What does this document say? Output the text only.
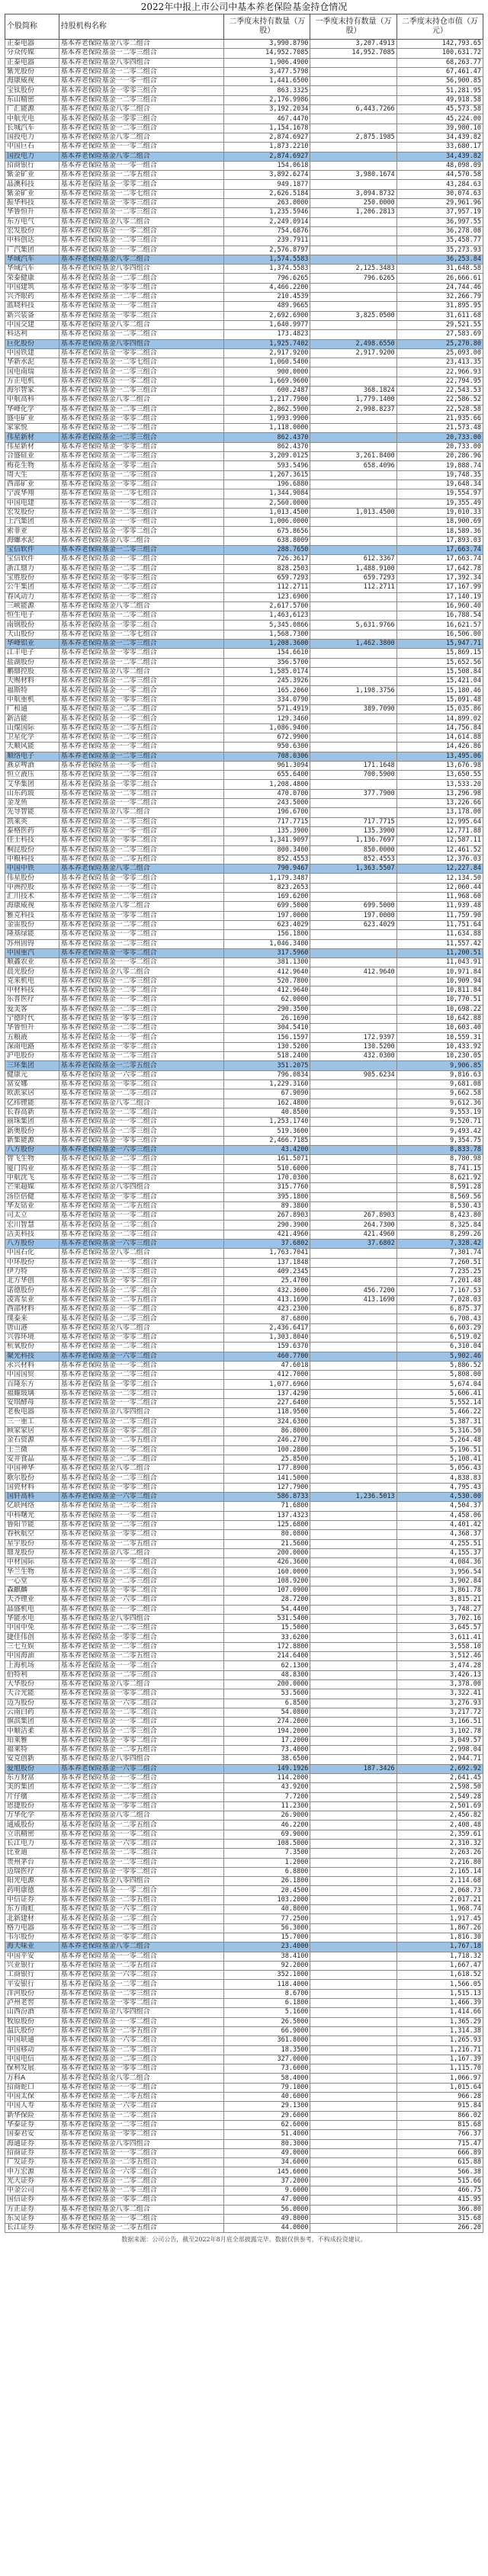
2022年中报上市公司中基本养老保险基金持仓情况
个股简称	持股机构名称	二季度末持有数量（万股）	一季度末持有数量（万股）	二季度末持仓市值（万元）
正泰电器	基本养老保险基金八零二组合	3,990.8790	3,207.4913	142,793.65
分众传媒	基本养老保险基金一二零三组合	14,952.7085	14,952.7085	100,631.72
正泰电器	基本养老保险基金八零四组合	1,906.4900		68,263.77
紫光股份	基本养老保险基金一二零二组合	3,477.5798		67,461.47
海康威视	基本养老保险基金一一零一组合	1,441.6500		56,900.85
宝钛股份	基本养老保险基金一零零三组合	863.3325		51,281.95
东山精密	基本养老保险基金一二零三组合	2,176.9986		49,918.58
广汇能源	基本养老保险基金八零二组合	3,192.2034	6,443.7266	45,573.58
中航光电	基本养老保险基金一零零三组合	467.4470		45,224.00
长城汽车	基本养老保险基金一二零三组合	1,154.1678		39,980.10
国投电力	基本养老保险基金八零二组合	2,874.6927	2,875.1985	34,439.82
中国巨石	基本养老保险基金一一零二组合	1,873.2210		33,680.17
国投电力	基本养老保险基金八零二组合	2,874.6927		34,439.82
招商银行	基本养老保险基金一一零一组合	154.0618		48,098.09
紫金矿业	基本养老保险基金一二零五组合	3,892.6274	3,980.1674	44,570.58
晶澳科技	基本养老保险基金一零零二组合	949.1877		43,284.63
紫金矿业	基本养老保险基金一二零七组合	2,626.5184	3,094.8732	30,074.63
振华科技	基本养老保险基金一零零三组合	263.0000	250.0000	29,961.96
华鲁恒升	基本养老保险基金一二零三组合	1,235.5946	1,206.2813	37,957.19
东方电气	基本养老保险基金八零二组合	2,249.0914		36,997.55
宏发股份	基本养老保险基金一一零二组合	754.6876		36,278.08
中科创达	基本养老保险基金一二零三组合	239.7911		35,458.77
广汽集团	基本养老保险基金一一零二组合	2,576.8797		35,273.93
华域汽车	基本养老保险基金八零二组合	1,574.5583		36,253.84
华域汽车	基本养老保险基金八零四组合	1,374.5583	2,125.3483	31,648.58
荣泰健康	基本养老保险基金一二零二组合	796.6265	796.6265	26,666.61
中国建筑	基本养老保险基金一零零二组合	4,466.2200		24,744.46
兴齐眼药	基本养老保险基金一二零二组合	210.4539		32,266.79
蓝晓科技	基本养老保险基金一一零二组合	489.9665		31,895.95
新兴装备	基本养老保险基金一零零二组合	2,692.6900	3,825.0500	31,611.68
中国交建	基本养老保险基金八零二组合	1,640.9977		29,521.55
科达利	基本养老保险基金一二零二组合	173.4823		27,583.69
巨化股份	基本养老保险基金八零四组合	1,925.7402	2,498.6550	25,270.80
中国铁建	基本养老保险基金一零零二组合	2,917.9200	2,917.9200	25,093.00
华新水泥	基本养老保险基金一二零七组合	1,060.5400		23,413.35
国电南瑞	基本养老保险基金一二零三组合	900.0000		22,966.93
方正电机	基本养老保险基金一一零二组合	1,669.9600		22,794.95
海尔智家	基本养老保险基金一二零三组合	600.2487	368.1824	22,543.53
中航高科	基本养老保险基金八零二组合	1,217.7900	1,779.1400	22,586.52
华峰化学	基本养老保险基金一二零三组合	2,862.5900	2,998.8237	22,528.58
盛屯矿业	基本养老保险基金一零零二组合	1,993.9900		21,935.66
家家悦	基本养老保险基金一二零二组合	1,118.0000		21,573.48
伟星新材	基本养老保险基金一二零三组合	862.4370		20,733.00
伟星新材	基本养老保险基金一零零二组合	862.4370		20,733.00
合盛硅业	基本养老保险基金一二零三组合	3,209.0125	3,261.8400	20,286.96
梅花生物	基本养老保险基金一零零二组合	593.5496	658.4096	19,888.74
周大生	基本养老保险基金一二零三组合	1,267.3615		19,748.35
西部矿业	基本养老保险基金一零零二组合	196.6880		19,648.34
宁波华翔	基本养老保险基金一二零七组合	1,344.9084		19,554.97
中国电建	基本养老保险基金一一零二组合	2,560.0000		19,355.49
宏发股份	基本养老保险基金一二零三组合	1,013.4500	1,013.4500	19,010.33
上汽集团	基本养老保险基金一一零一组合	1,006.0000		18,900.69
索菲亚	基本养老保险基金一零零二组合	675.8656		18,589.36
海螺水泥	基本养老保险基金八零二组合	638.8009		17,893.03
宝信软件	基本养老保险基金一二零三组合	288.7650		17,663.74
宝信软件	基本养老保险基金一一零二组合	726.3617	612.3367	17,663.74
浙江鼎力	基本养老保险基金一二零二组合	828.2503	1,488.9100	17,642.78
宝胜股份	基本养老保险基金一零零三组合	659.7293	659.7293	17,392.34
公牛集团	基本养老保险基金一二零三组合	112.2711	112.2711	17,167.99
春风动力	基本养老保险基金一一零二组合	123.6900		17,140.19
三峡能源	基本养老保险基金八零二组合	2,617.5700		16,960.40
恒生电子	基本养老保险基金一二零二组合	1,463,6123		16,788.54
南钢股份	基本养老保险基金一零零二组合	5,345.0866	5,631.9766	16,621.57
天山股份	基本养老保险基金一二零七组合	1,568.7300		16,506.00
华峰铝业	基本养老保险基金一二零三组合	1,208.3600	1,462.3800	15,947.71
江丰电子	基本养老保险基金一零零二组合	154.6610		15,869.15
盐湖股份	基本养老保险基金一二零二组合	356.5700		15,652.56
鹏鼎控股	基本养老保险基金八零二组合	1,585.0174		15,508.84
天赐材料	基本养老保险基金一二零三组合	245.3926		15,421.04
福斯特	基本养老保险基金一一零二组合	165.2060	1,198.3756	15,180.46
中航重机	基本养老保险基金一零零三组合	334.0790		15,091.48
广和通	基本养老保险基金一二零二组合	571.4919	389.7090	15,035.86
新洁能	基本养老保险基金一一零二组合	129.3460		14,899.02
山煤国际	基本养老保险基金一二零五组合	1,086.9400		14,756.84
卫星化学	基本养老保险基金一二零三组合	672.9900		14,614.88
天顺风能	基本养老保险基金一一零二组合	950.6300		14,426.86
顺络电子	基本养老保险基金一二零三组合	708.0306		13,495.06
燕京啤酒	基本养老保险基金一一零一组合	961.3094	171.1648	13,676.98
恒立液压	基本养老保险基金一二零三组合	655.6400	700.5900	13,650.55
艾华集团	基本养老保险基金一零零二组合	1,208.4800		13,533.20
山东药玻	基本养老保险基金一二零二组合	470.0700	377.7900	13,296.98
金龙鱼	基本养老保险基金一一零二组合	243.5000		13,226.66
先导智能	基本养老保险基金八零二组合	196.6700		13,178.00
凯莱英	基本养老保险基金一二零三组合	717.7715	717.7715	12,995.64
泰格医药	基本养老保险基金一一零一组合	135.3900	135.3900	12,771.88
佳士科技	基本养老保险基金一零零二组合	1,341.9097	1,136.7697	12,587.11
桐昆股份	基本养老保险基金一二零三组合	800.3400	850.0000	12,461.52
中粮科技	基本养老保险基金一二零五组合	852.4553	852.4553	12,376.03
中国中铁	基本养老保险基金八零二组合	790.9467	1,363.5507	12,227.84
伟星股份	基本养老保险基金一零零二组合	1,179.3487		12,134.50
中洲控股	基本养老保险基金一一零二组合	823.2653		12,060.44
汇川技术	基本养老保险基金一二零三组合	169.6200		11,968.60
海康威视	基本养老保险基金八零二组合	699.5000	699.5000	11,939.48
雅克科技	基本养老保险基金一零零二组合	197.0000	197.0000	11,759.90
金雷股份	基本养老保险基金一二零二组合	623.4029	623.4029	11,751.64
隆基绿能	基本养老保险基金一一零二组合	156.1800		11,634.88
苏州固锝	基本养老保险基金一二零三组合	1,046.3400		11,557.42
中国重汽	基本养老保险基金一零零二组合	317.5960		11,200.51
顺鑫农业	基本养老保险基金一一零二组合	381.1300		11,043.91
晨光股份	基本养老保险基金八零二组合	412.9640	412.9640	10,971.84
克来机电	基本养老保险基金一二零三组合	520.7800		10,909.94
中材科技	基本养老保险基金一二零二组合	412.9640		10,811.84
乐普医疗	基本养老保险基金一一零二组合	62.0000		10,770.51
爱美客	基本养老保险基金一二零三组合	290.3500		10,698.22
宁德时代	基本养老保险基金一零零三组合	26.1690		10,642.88
华鲁恒升	基本养老保险基金一二零二组合	304.5410		10,603.40
五粮液	基本养老保险基金一一零一组合	156.1597	172.9397	10,559.31
深南电路	基本养老保险基金一零零二组合	130.5200	130.5200	10,433.92
沪电股份	基本养老保险基金一二零三组合	518.2400	432.0300	10,230.05
三环集团	基本养老保险基金一二零五组合	351.2075		9,906.85
健康元	基本养老保险基金一六零二组合	796.0834	905.6234	9,816.63
富安娜	基本养老保险基金一零零二组合	1,229.3160		9,681.08
欧派家居	基本养老保险基金一二零三组合	67.9090		9,662.58
亿纬锂能	基本养老保险基金八零二组合	162.4800		9,612.36
长春高新	基本养老保险基金一二零二组合	40.8500		9,553.19
丽珠集团	基本养老保险基金一一零二组合	1,253.1740		9,520.71
新奥股份	基本养老保险基金一二零三组合	519.3600		9,493.42
新集能源	基本养老保险基金一零零三组合	2,466.7185		9,354.75
八方股份	基本养老保险基金一六零三组合	43.4200		8,833.78
智飞生物	基本养老保险基金一二零二组合	161.5071		8,780.98
厦门钨业	基本养老保险基金一一零二组合	510.6000		8,741.15
中航沈飞	基本养老保险基金一二零三组合	170.0300		8,621.92
芒果超媒	基本养老保险基金八零四组合	315.7760		8,591.28
汤臣倍健	基本养老保险基金一零零二组合	395.1800		8,569.56
华友钴业	基本养老保险基金一二零五组合	89.3800		8,530.43
司太立	基本养老保险基金一一零二组合	267.8903	267.8903	8,423.80
宏川智慧	基本养老保险基金一二零二组合	290.3900	264.7300	8,325.84
洁美科技	基本养老保险基金一二零三组合	421.4960	421.4960	8,299.26
八方股份	基本养老保险基金一六零三组合	37.6802	37.6802	7,328.42
中国石化	基本养老保险基金八零二组合	1,763.7041		7,301.74
中环股份	基本养老保险基金一一零二组合	137.1848		7,260.51
伊力特	基本养老保险基金一二零三组合	409.2345		7,235.25
北方华创	基本养老保险基金一零零二组合	25.4700		7,201.48
诺德股份	基本养老保险基金一二零二组合	432.3600	456.7200	7,167.53
凌霄泵业	基本养老保险基金一二零五组合	413.1690	413.1690	7,028.03
西部材料	基本养老保险基金一一零二组合	423.2300		6,875.37
璞泰来	基本养老保险基金一二零三组合	87.6800		6,708.43
唐山港	基本养老保险基金八零二组合	2,436.6417		6,603.29
兴蓉环境	基本养老保险基金一零零二组合	1,303.8040		6,519.02
杭氧股份	基本养老保险基金一二零二组合	159.6370		6,310.04
聚光科技	基本养老保险基金一六零二组合	460.7700		5,902.46
永兴材料	基本养老保险基金一一零二组合	47.6018		5,886.52
中国国贸	基本养老保险基金一二零三组合	412.7000		5,808.00
百隆东方	基本养老保险基金一零零二组合	1,077.6960		5,674.04
福耀玻璃	基本养老保险基金一二零二组合	137.4290		5,606.41
安琪酵母	基本养老保险基金一一零二组合	227.6400		5,552.14
老板电器	基本养老保险基金八零四组合	118.9500		5,466.22
三一重工	基本养老保险基金一二零三组合	324.6300		5,387.31
顾家家居	基本养老保险基金一零零二组合	86.8000		5,316.50
金石资源	基本养老保险基金一二零五组合	246.2700		5,264.48
士兰微	基本养老保险基金一一零二组合	100.2800		5,196.51
安井食品	基本养老保险基金一二零二组合	25.8500		5,108.41
中国神华	基本养老保险基金八零二组合	177.8900		5,056.43
歌尔股份	基本养老保险基金一二零三组合	141.5000		4,838.83
国瓷材料	基本养老保险基金一零零二组合	127.7900		4,795.43
国轩高科	基本养老保险基金一六零二组合	586.8733	1,236.5013	4,530.00
亿联网络	基本养老保险基金一二零二组合	71.6800		4,504.37
中科曙光	基本养老保险基金一一零二组合	137.4323		4,458.06
鲁阳节能	基本养老保险基金一二零三组合	125.6800		4,401.42
春秋航空	基本养老保险基金一零零二组合	80.0800		4,368.37
星宇股份	基本养老保险基金一二零五组合	21.5600		4,255.51
鼎龙股份	基本养老保险基金八零二组合	200.0000		4,155.37
中材国际	基本养老保险基金一一零二组合	426.3600		4,084.36
华兰生物	基本养老保险基金一二零二组合	160.0000		3,956.54
一心堂	基本养老保险基金一二零三组合	108.9200		3,902.84
森麒麟	基本养老保险基金一零零二组合	107.0900		3,861.78
天齐锂业	基本养老保险基金一六零二组合	28.7200		3,815.21
晶盛机电	基本养老保险基金一一零二组合	54.4400		3,748.27
华能水电	基本养老保险基金八零四组合	531.5400		3,702.16
中国中免	基本养老保险基金一二零三组合	15.5000		3,645.57
捷佳伟创	基本养老保险基金一零零二组合	33.6200		3,611.41
三七互娱	基本养老保险基金一二零二组合	172.8800		3,558.10
中国海油	基本养老保险基金一二零五组合	214.6400		3,512.46
上海机场	基本养老保险基金一一零二组合	62.1300		3,474.28
伯特利	基本养老保险基金一二零三组合	48.8300		3,426.13
大华股份	基本养老保险基金八零二组合	200.0000		3,378.00
天合光能	基本养老保险基金一零零二组合	53.5600		3,322.41
迈为股份	基本养老保险基金一六零二组合	6.8500		3,276.93
云南白药	基本养老保险基金一二零二组合	54.0800		3,217.72
旗滨集团	基本养老保险基金一一零二组合	274.2000		3,166.51
中顺洁柔	基本养老保险基金一二零三组合	194.2000		3,102.78
珀莱雅	基本养老保险基金一零零二组合	17.2000		3,049.57
福莱特	基本养老保险基金一二零五组合	73.4000		2,998.04
安克创新	基本养老保险基金八零四组合	38.6500		2,944.71
爱旭股份	基本养老保险基金一六零二组合	149.1926	187.3426	2,692.92
东方财富	基本养老保险基金一一零二组合	114.2000		2,641.45
美的集团	基本养老保险基金一二零二组合	43.9200		2,598.50
片仔癀	基本养老保险基金一二零三组合	7.7200		2,549.28
恩捷股份	基本养老保险基金一零零二组合	11.2300		2,501.69
万华化学	基本养老保险基金八零二组合	26.9000		2,456.82
通威股份	基本养老保险基金一二零五组合	46.2200		2,408.48
立讯精密	基本养老保险基金一一零二组合	69.9000		2,359.61
长江电力	基本养老保险基金一六零二组合	108.5000		2,310.32
比亚迪	基本养老保险基金一二零二组合	7.3500		2,263.26
贵州茅台	基本养老保险基金一二零三组合	1.2000		2,216.80
迈瑞医疗	基本养老保险基金一零零二组合	6.8800		2,165.14
阳光电源	基本养老保险基金八零四组合	26.1800		2,114.68
药明康德	基本养老保险基金一一零二组合	20.4500		2,068.73
中信证券	基本养老保险基金一二零五组合	103.2000		2,017.21
东方雨虹	基本养老保险基金一六零二组合	40.8000		1,968.74
北新建材	基本养老保险基金一二零二组合	77.2500		1,917.45
格力电器	基本养老保险基金一二零三组合	56.3000		1,867.26
韦尔股份	基本养老保险基金一零零二组合	15.7000		1,816.30
海天味业	基本养老保险基金八零二组合	23.4000		1,767.18
中国平安	基本养老保险基金一一零二组合	38.4100		1,718.32
兴业银行	基本养老保险基金一二零五组合	92.2000		1,667.47
工商银行	基本养老保险基金一六零二组合	352.1000		1,618.52
平安银行	基本养老保险基金一二零二组合	118.4000		1,566.05
洋河股份	基本养老保险基金一二零三组合	8.6700		1,515.13
泸州老窖	基本养老保险基金一零零二组合	6.1800		1,466.39
山西汾酒	基本养老保险基金八零四组合	5.1600		1,414.66
牧原股份	基本养老保险基金一一零二组合	26.5000		1,365.29
温氏股份	基本养老保险基金一二零五组合	66.9000		1,314.38
中国联通	基本养老保险基金一六零二组合	361.8000		1,265.93
中国移动	基本养老保险基金一二零二组合	18.3500		1,216.71
中国电信	基本养老保险基金一二零三组合	327.0000		1,167.39
保利发展	基本养老保险基金一零零二组合	73.6000		1,115.70
万科A	基本养老保险基金八零二组合	58.4000		1,066.97
招商蛇口	基本养老保险基金一一零二组合	79.1000		1,015.64
中国太保	基本养老保险基金一二零五组合	40.6000		966.28
中国人寿	基本养老保险基金一六零二组合	29.1300		915.84
新华保险	基本养老保险基金一二零二组合	29.6000		866.02
华泰证券	基本养老保险基金一二零三组合	62.6000		815.68
国泰君安	基本养老保险基金一零零二组合	51.4000		766.37
海通证券	基本养老保险基金八零四组合	80.3000		715.47
招商证券	基本养老保险基金一一零二组合	49.0000		666.89
广发证券	基本养老保险基金一二零五组合	34.6000		615.88
申万宏源	基本养老保险基金一六零二组合	145.6000		566.38
光大证券	基本养老保险基金一二零二组合	37.2000		515.66
中金公司	基本养老保险基金一二零三组合	9.6000		466.75
国信证券	基本养老保险基金一零零二组合	47.0000		415.95
方正证券	基本养老保险基金八零二组合	56.0000		366.80
东吴证券	基本养老保险基金一一零二组合	49.8000		315.68
长江证券	基本养老保险基金一二零五组合	44.0000		266.20
数据来源：公司公告，截至2022年8月底全部披露完毕。数据仅供参考，不构成投资建议。
